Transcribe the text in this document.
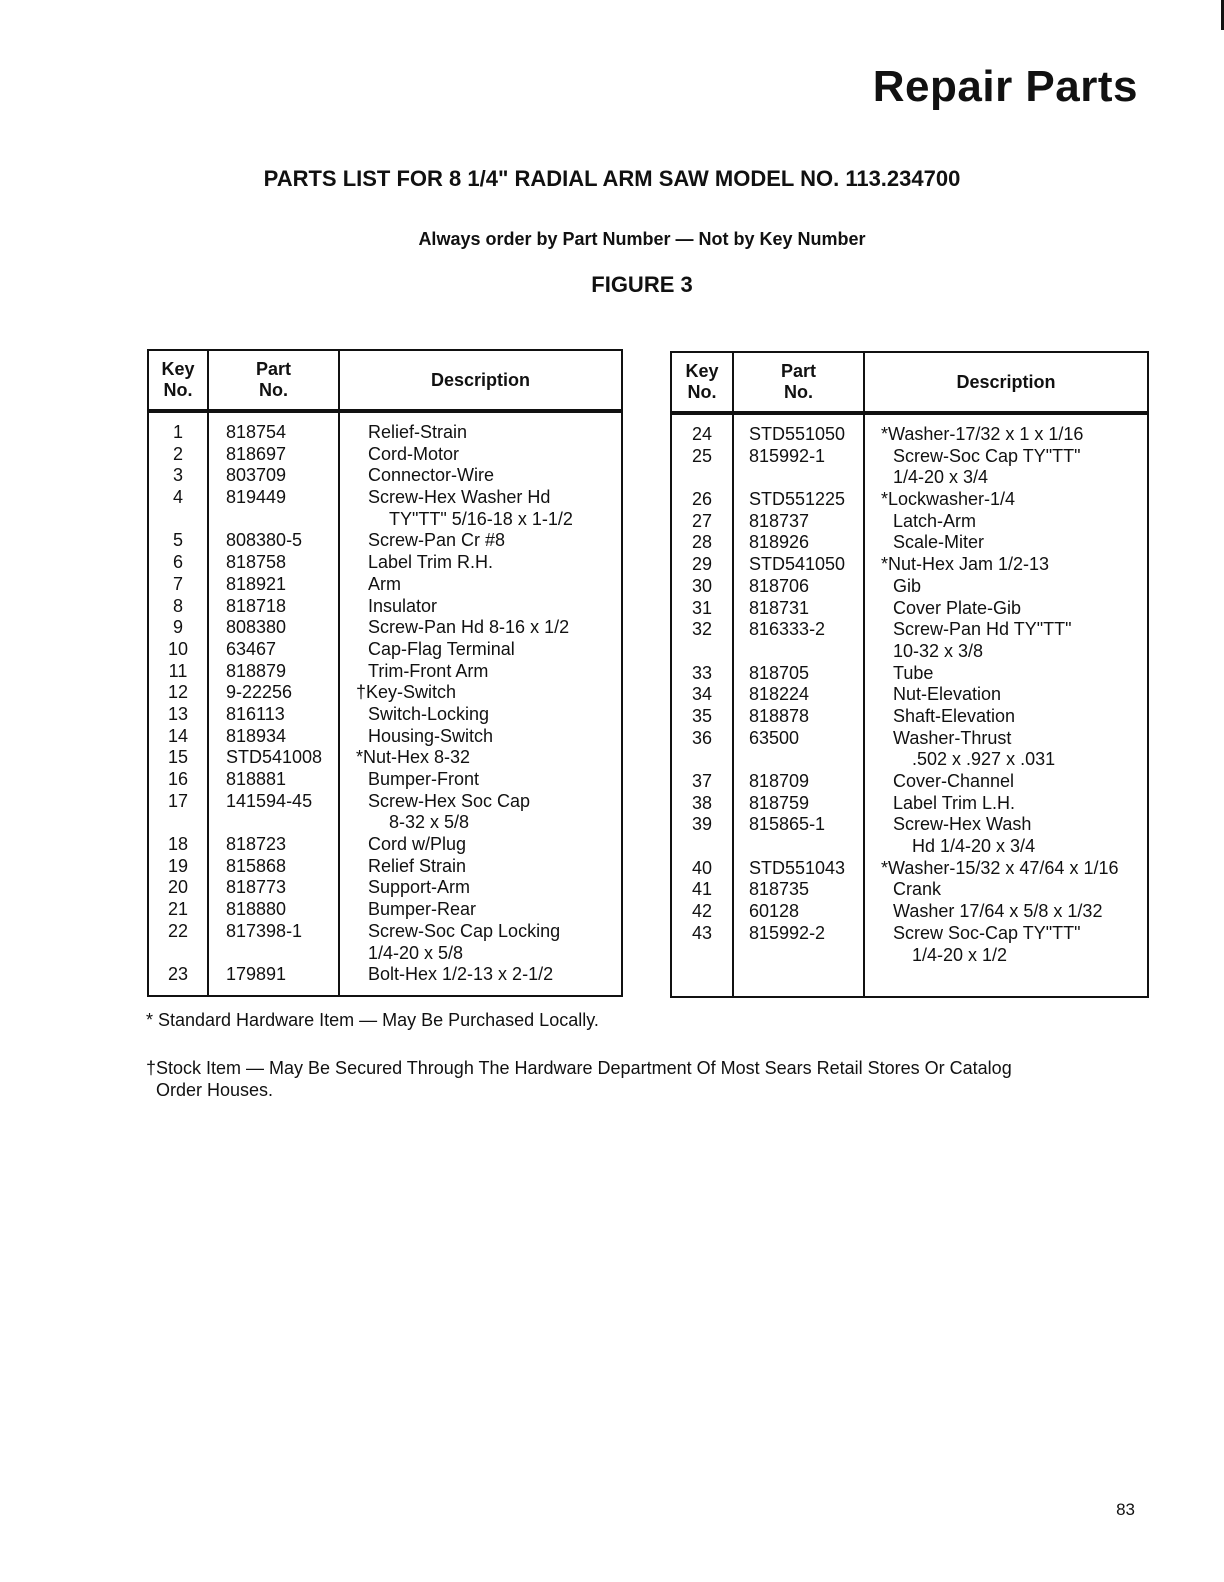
Repair Parts
PARTS LIST FOR 8 1/4" RADIAL ARM SAW MODEL NO. 113.234700

Always order by Part Number — Not by Key Number

FIGURE 3

Key
No.
Part
No.
Description
1	818754	Relief-Strain
2	818697	Cord-Motor
3	803709	Connector-Wire
4	819449	Screw-Hex Washer Hd
TY"TT" 5/16-18 x 1-1/2
5	808380-5	Screw-Pan Cr #8
6	818758	Label Trim R.H.
7	818921	Arm
8	818718	Insulator
9	808380	Screw-Pan Hd 8-16 x 1/2
10	63467	Cap-Flag Terminal
11	818879	Trim-Front Arm
12	9-22256	†Key-Switch
13	816113	Switch-Locking
14	818934	Housing-Switch
15	STD541008 *Nut-Hex 8-32
16	818881	Bumper-Front
17	141594-45	Screw-Hex Soc Cap
8-32 x 5/8
18	818723	Cord w/Plug
19	815868	Relief Strain
20	818773	Support-Arm
21	818880	Bumper-Rear
22	817398-1	Screw-Soc Cap Locking
1/4-20 x 5/8
23	179891	Bolt-Hex 1/2-13 x 2-1/2
Key
No.
Part
No.
Description
24	STD551050 *Washer-17/32 x 1 x 1/16
25	815992-1	Screw-Soc Cap TY"TT"
1/4-20 x 3/4
26	STD551225 *Lockwasher-1/4
27	818737	Latch-Arm
28	818926	Scale-Miter
29	STD541050 *Nut-Hex Jam 1/2-13
30	818706	Gib
31	818731	Cover Plate-Gib
32	816333-2	Screw-Pan Hd TY"TT"
10-32 x 3/8
33	818705	Tube
34	818224	Nut-Elevation
35	818878	Shaft-Elevation
36	63500	Washer-Thrust
.502 x .927 x .031
37	818709	Cover-Channel
38	818759	Label Trim L.H.
39	815865-1	Screw-Hex Wash
Hd 1/4-20 x 3/4
40	STD551043 *Washer-15/32 x 47/64 x 1/16
41	818735	Crank
42	60128	Washer 17/64 x 5/8 x 1/32
43	815992-2	Screw Soc-Cap TY"TT"
1/4-20 x 1/2

* Standard Hardware Item — May Be Purchased Locally.

†Stock Item — May Be Secured Through The Hardware Department Of Most Sears Retail Stores Or Catalog
Order Houses.

83
